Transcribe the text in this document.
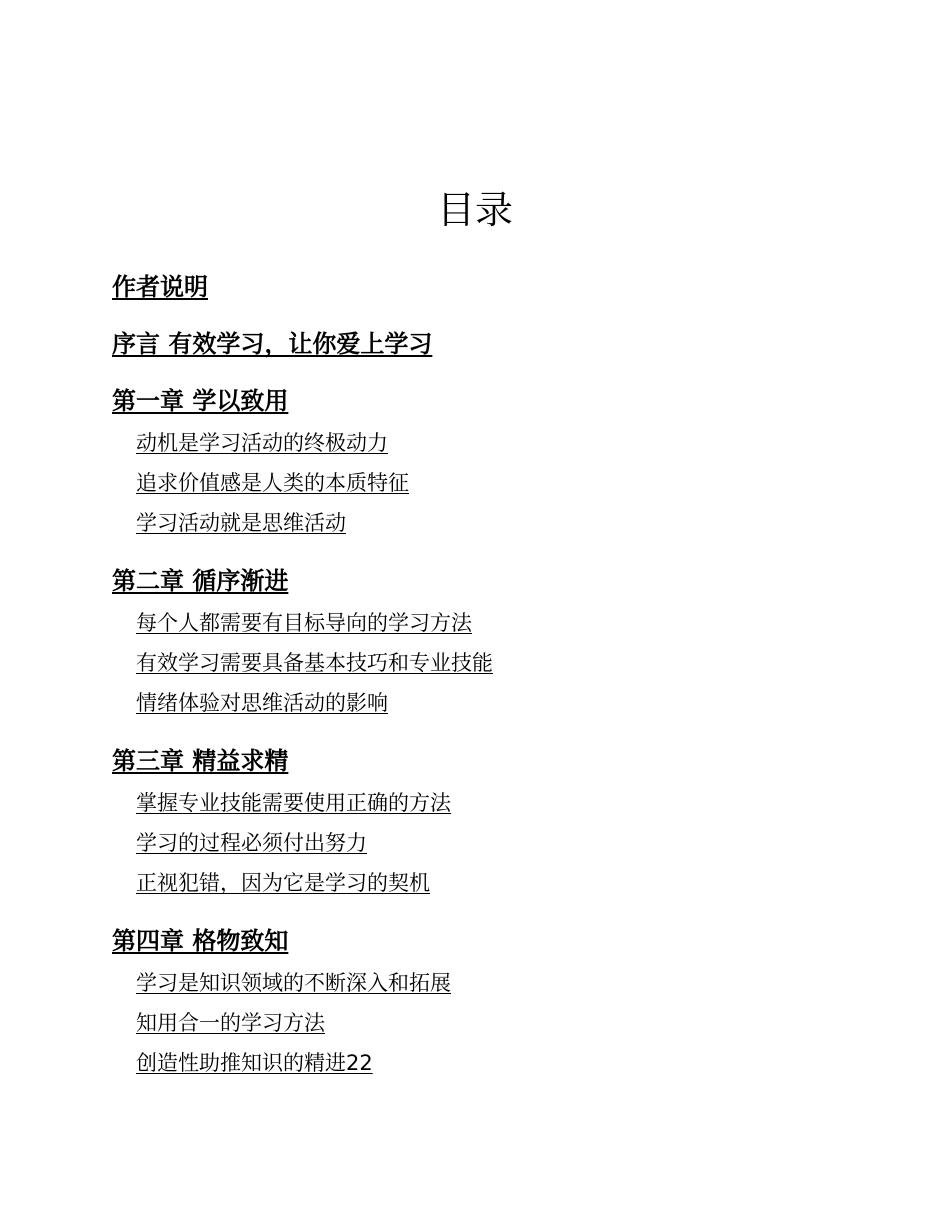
目录
作者说明
序言 有效学习，让你爱上学习
第一章 学以致用
动机是学习活动的终极动力
追求价值感是人类的本质特征
学习活动就是思维活动
第二章 循序渐进
每个人都需要有目标导向的学习方法
有效学习需要具备基本技巧和专业技能
情绪体验对思维活动的影响
第三章 精益求精
掌握专业技能需要使用正确的方法
学习的过程必须付出努力
正视犯错，因为它是学习的契机
第四章 格物致知
学习是知识领域的不断深入和拓展
知用合一的学习方法
创造性助推知识的精进22
